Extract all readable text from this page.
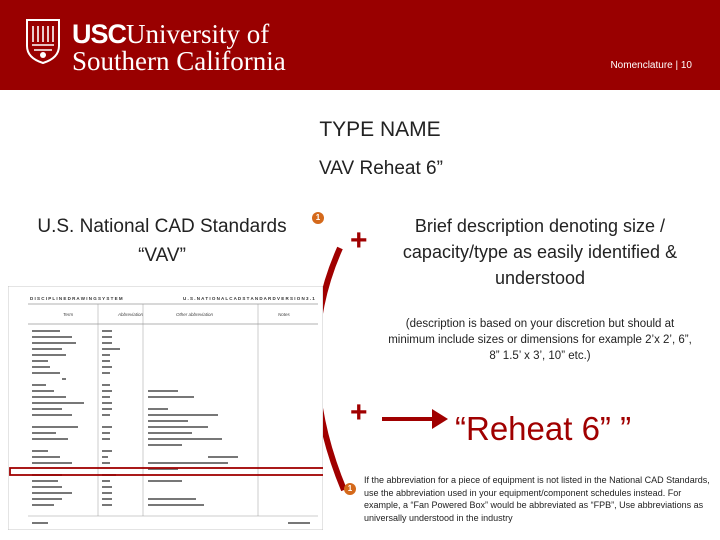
USCUniversity of
Southern California	Nomenclature | 10
TYPE NAME
VAV Reheat 6”
U.S. National CAD Standards
“VAV”
1
+	Brief description denoting size / capacity/type as easily identified & understood
(description is based on your discretion but should at minimum include sizes or dimensions for example 2’x 2’, 6”, 8” 1.5’ x 3’, 10” etc.)
+	“Reheat 6” ”
1
If the abbreviation for a piece of equipment is not listed in the National CAD Standards, use the abbreviation used in your equipment/component schedules instead. For example, a “Fan Powered Box” would be abbreviated as “FPB”, Use abbreviations as universally understood in the industry
D I S C I P L I N E D R A W I N G S Y S T E M	U . S . N A T I O N A L C A D S T A N D A R D V E R S I O N 3 . 1
Term	Abbreviation	Other abbreviation	Notes
